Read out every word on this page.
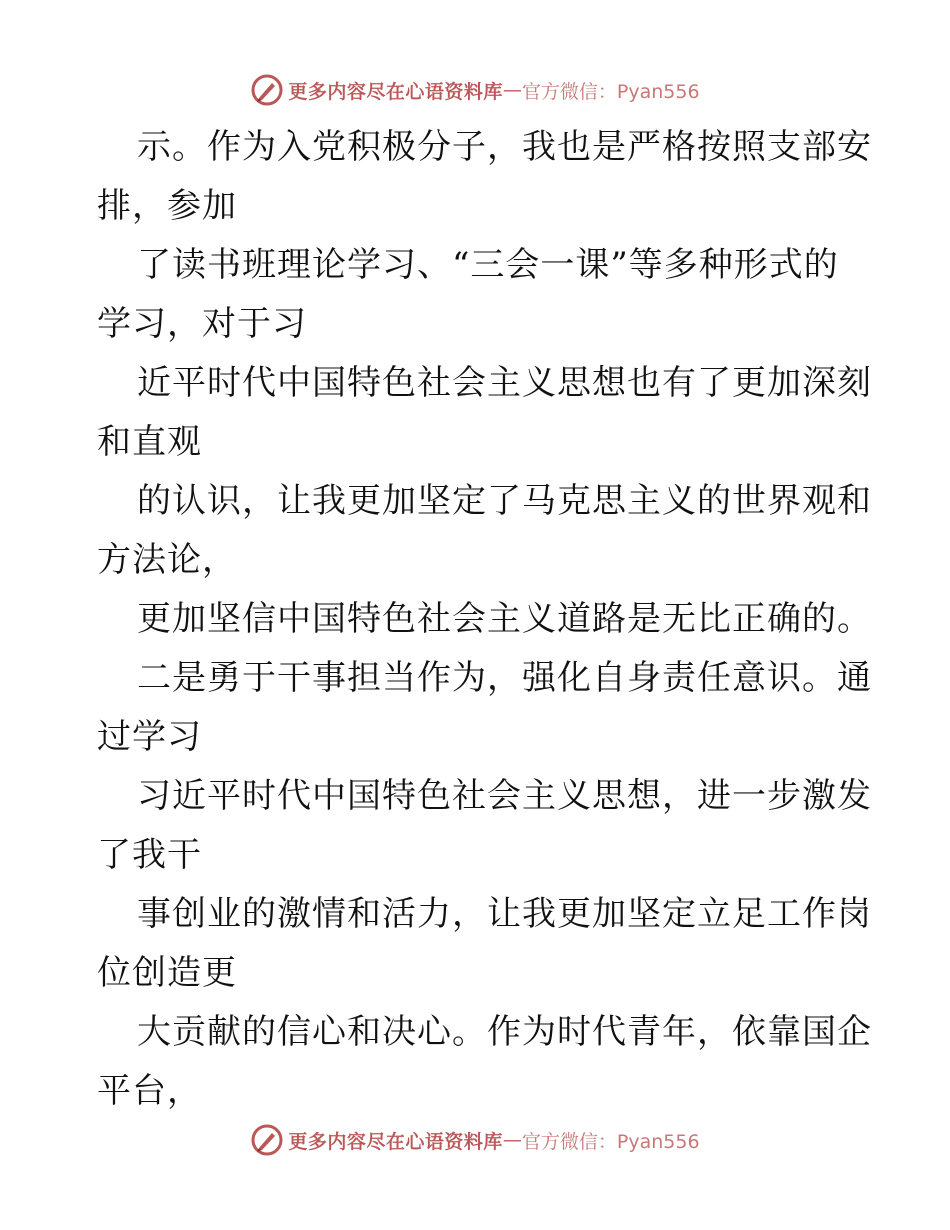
更多内容尽在心语资料库 — 官方微信：Pyan556
示。作为入党积极分子，我也是严格按照支部安
排，参加
了读书班理论学习、“三会一课”等多种形式的
学习，对于习
近平时代中国特色社会主义思想也有了更加深刻
和直观
的认识，让我更加坚定了马克思主义的世界观和
方法论，
更加坚信中国特色社会主义道路是无比正确的。
二是勇于干事担当作为，强化自身责任意识。通
过学习
习近平时代中国特色社会主义思想，进一步激发
了我干
事创业的激情和活力，让我更加坚定立足工作岗
位创造更
大贡献的信心和决心。作为时代青年，依靠国企
平台，
更多内容尽在心语资料库 — 官方微信：Pyan556
